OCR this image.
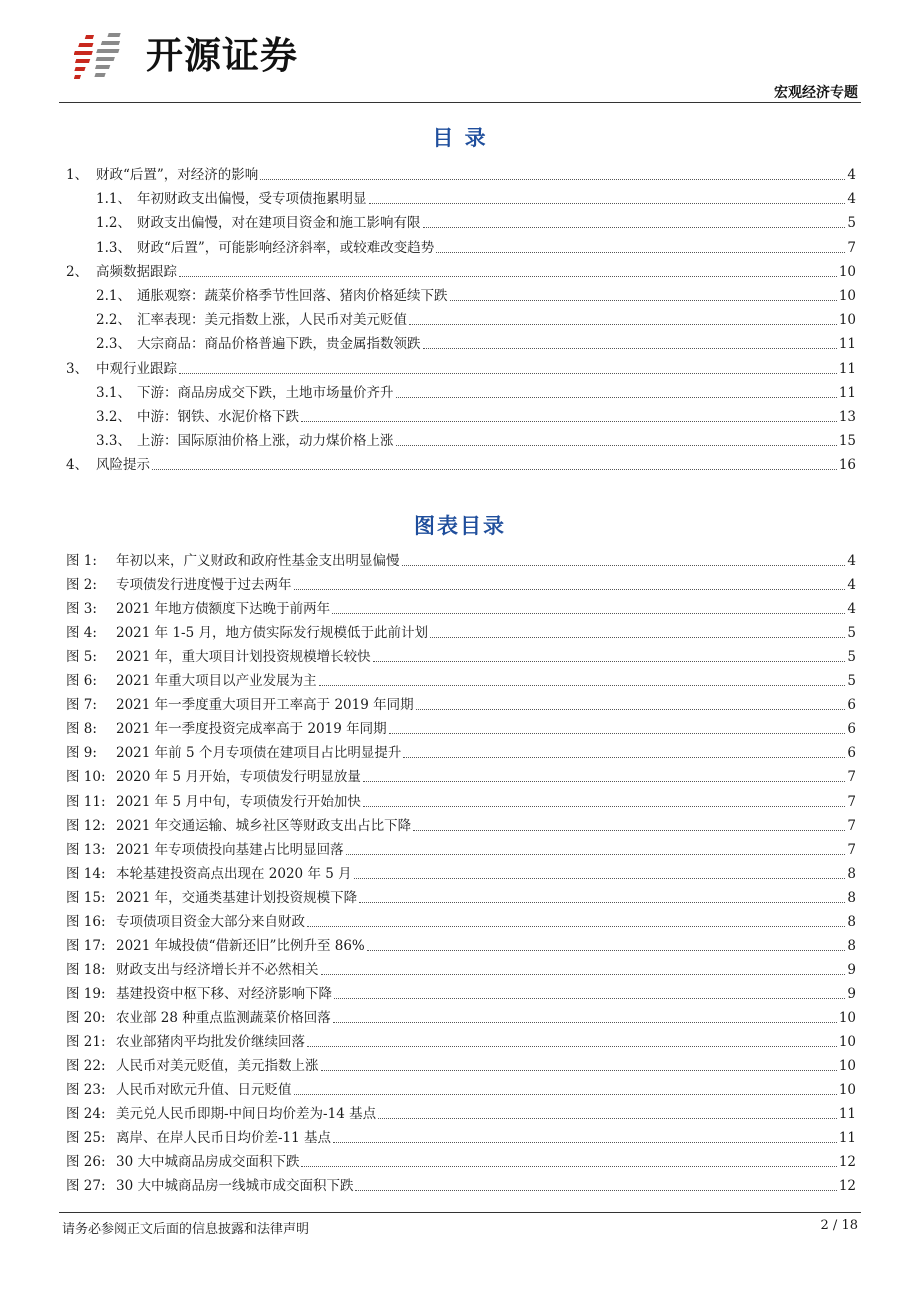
开源证券
宏观经济专题
目 录
1、 财政“后置”，对经济的影响	4
1.1、 年初财政支出偏慢，受专项债拖累明显	4
1.2、 财政支出偏慢，对在建项目资金和施工影响有限	5
1.3、 财政“后置”，可能影响经济斜率，或较难改变趋势	7
2、 高频数据跟踪	10
2.1、 通胀观察：蔬菜价格季节性回落、猪肉价格延续下跌	10
2.2、 汇率表现：美元指数上涨，人民币对美元贬值	10
2.3、 大宗商品：商品价格普遍下跌，贵金属指数领跌	11
3、 中观行业跟踪	11
3.1、 下游：商品房成交下跌，土地市场量价齐升	11
3.2、 中游：钢铁、水泥价格下跌	13
3.3、 上游：国际原油价格上涨，动力煤价格上涨	15
4、 风险提示	16
图表目录
图 1:	年初以来，广义财政和政府性基金支出明显偏慢	4
图 2:	专项债发行进度慢于过去两年	4
图 3:	2021 年地方债额度下达晚于前两年	4
图 4:	2021 年 1-5 月，地方债实际发行规模低于此前计划	5
图 5:	2021 年，重大项目计划投资规模增长较快	5
图 6:	2021 年重大项目以产业发展为主	5
图 7:	2021 年一季度重大项目开工率高于 2019 年同期	6
图 8:	2021 年一季度投资完成率高于 2019 年同期	6
图 9:	2021 年前 5 个月专项债在建项目占比明显提升	6
图 10: 2020 年 5 月开始，专项债发行明显放量	7
图 11: 2021 年 5 月中旬，专项债发行开始加快	7
图 12: 2021 年交通运输、城乡社区等财政支出占比下降	7
图 13: 2021 年专项债投向基建占比明显回落	7
图 14: 本轮基建投资高点出现在 2020 年 5 月	8
图 15: 2021 年，交通类基建计划投资规模下降	8
图 16: 专项债项目资金大部分来自财政	8
图 17: 2021 年城投债“借新还旧”比例升至 86%	8
图 18: 财政支出与经济增长并不必然相关	9
图 19: 基建投资中枢下移、对经济影响下降	9
图 20: 农业部 28 种重点监测蔬菜价格回落	10
图 21: 农业部猪肉平均批发价继续回落	10
图 22: 人民币对美元贬值，美元指数上涨	10
图 23: 人民币对欧元升值、日元贬值	10
图 24: 美元兑人民币即期-中间日均价差为-14 基点	11
图 25: 离岸、在岸人民币日均价差-11 基点	11
图 26: 30 大中城商品房成交面积下跌	12
图 27: 30 大中城商品房一线城市成交面积下跌	12
请务必参阅正文后面的信息披露和法律声明	2 / 18
